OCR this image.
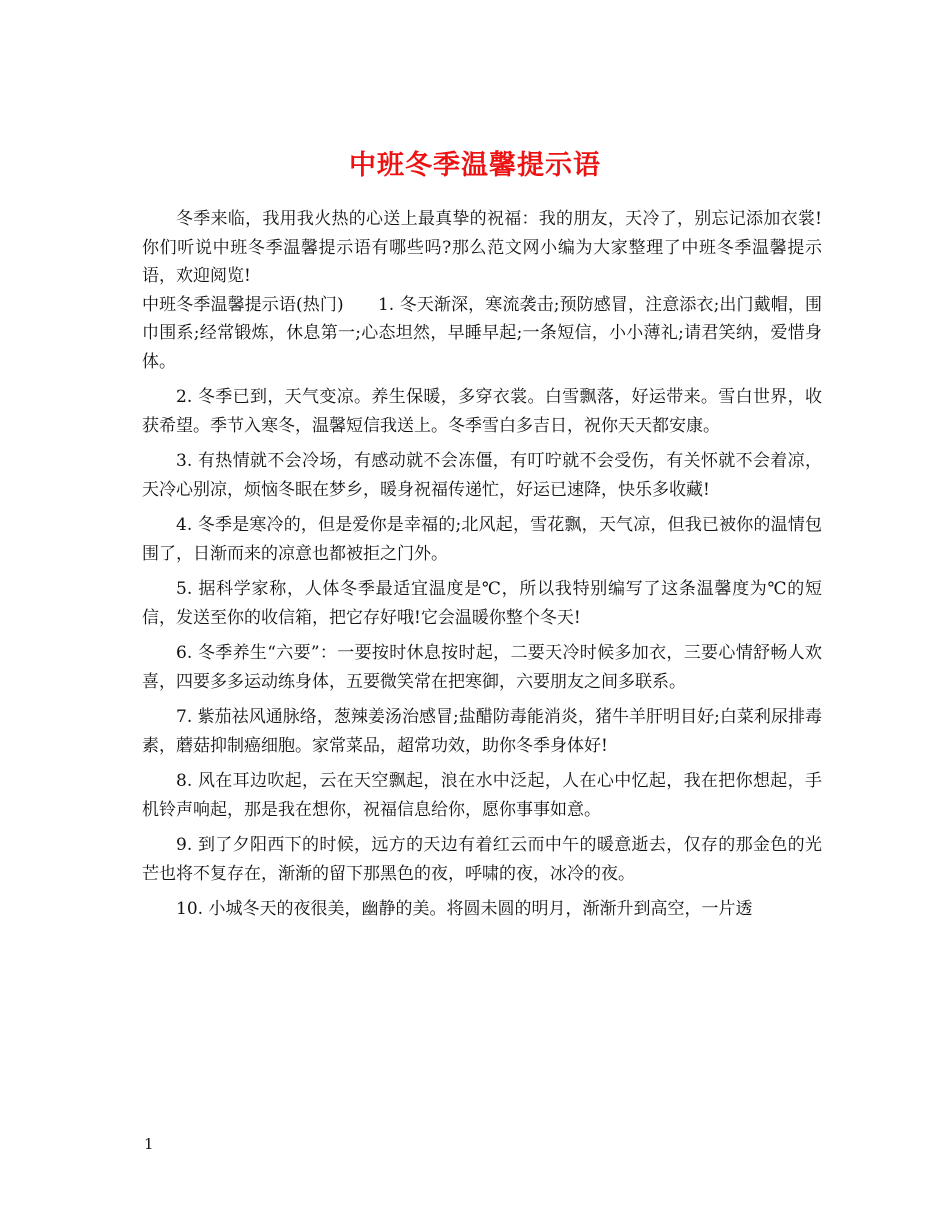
中班冬季温馨提示语

冬季来临，我用我火热的心送上最真挚的祝福：我的朋友，天冷了，别忘记添加衣裳!你们听说中班冬季温馨提示语有哪些吗?那么范文网小编为大家整理了中班冬季温馨提示语，欢迎阅览!

中班冬季温馨提示语(热门)　　1. 冬天渐深，寒流袭击;预防感冒，注意添衣;出门戴帽，围巾围系;经常锻炼，休息第一;心态坦然，早睡早起;一条短信，小小薄礼;请君笑纳，爱惜身体。

2. 冬季已到，天气变凉。养生保暖，多穿衣裳。白雪飘落，好运带来。雪白世界，收获希望。季节入寒冬，温馨短信我送上。冬季雪白多吉日，祝你天天都安康。

3. 有热情就不会冷场，有感动就不会冻僵，有叮咛就不会受伤，有关怀就不会着凉，天冷心别凉，烦恼冬眠在梦乡，暖身祝福传递忙，好运已速降，快乐多收藏!

4. 冬季是寒冷的，但是爱你是幸福的;北风起，雪花飘，天气凉，但我已被你的温情包围了，日渐而来的凉意也都被拒之门外。

5. 据科学家称，人体冬季最适宜温度是℃，所以我特别编写了这条温馨度为℃的短信，发送至你的收信箱，把它存好哦!它会温暖你整个冬天!

6. 冬季养生“六要”：一要按时休息按时起，二要天冷时候多加衣，三要心情舒畅人欢喜，四要多多运动练身体，五要微笑常在把寒御，六要朋友之间多联系。

7. 紫茄祛风通脉络，葱辣姜汤治感冒;盐醋防毒能消炎，猪牛羊肝明目好;白菜利尿排毒素，蘑菇抑制癌细胞。家常菜品，超常功效，助你冬季身体好!

8. 风在耳边吹起，云在天空飘起，浪在水中泛起，人在心中忆起，我在把你想起，手机铃声响起，那是我在想你，祝福信息给你，愿你事事如意。

9. 到了夕阳西下的时候，远方的天边有着红云而中午的暖意逝去，仅存的那金色的光芒也将不复存在，渐渐的留下那黑色的夜，呼啸的夜，冰冷的夜。

10. 小城冬天的夜很美，幽静的美。将圆未圆的明月，渐渐升到高空，一片透

1
